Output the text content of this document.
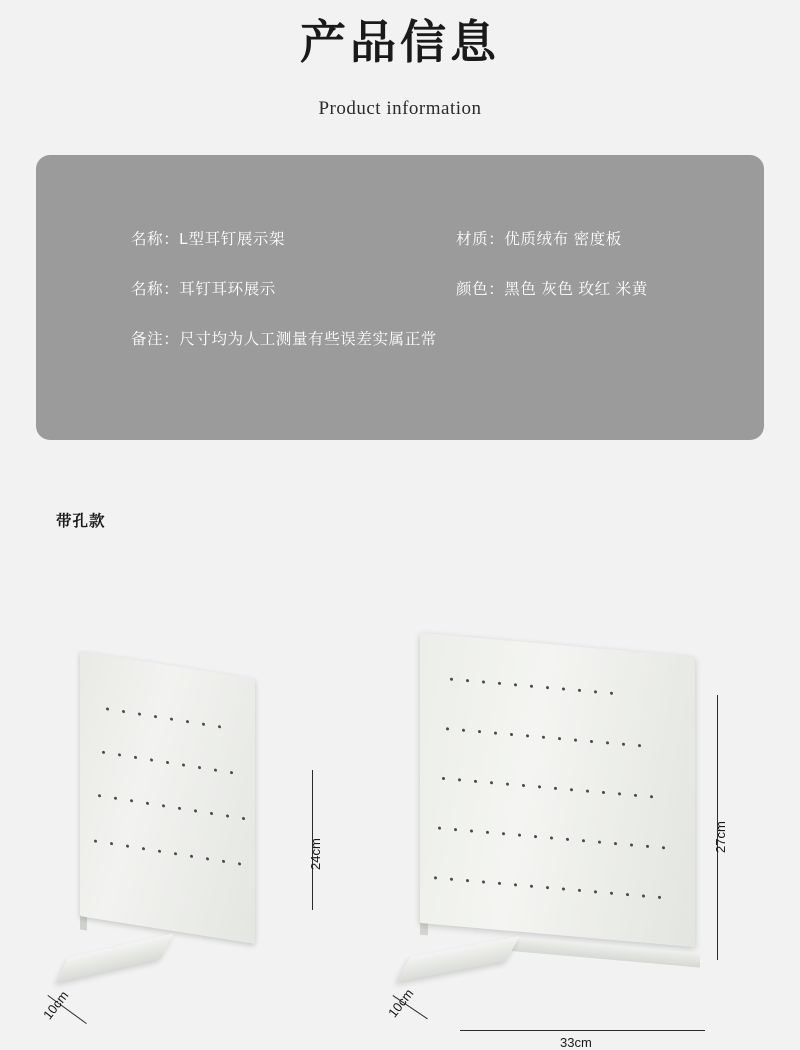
产品信息
Product information
名称：L型耳钉展示架	材质：优质绒布 密度板
名称：耳钉耳环展示	颜色：黑色 灰色 玫红 米黄
备注：尺寸均为人工测量有些误差实属正常
带孔款
24cm
10cm
27cm
10cm
33cm
